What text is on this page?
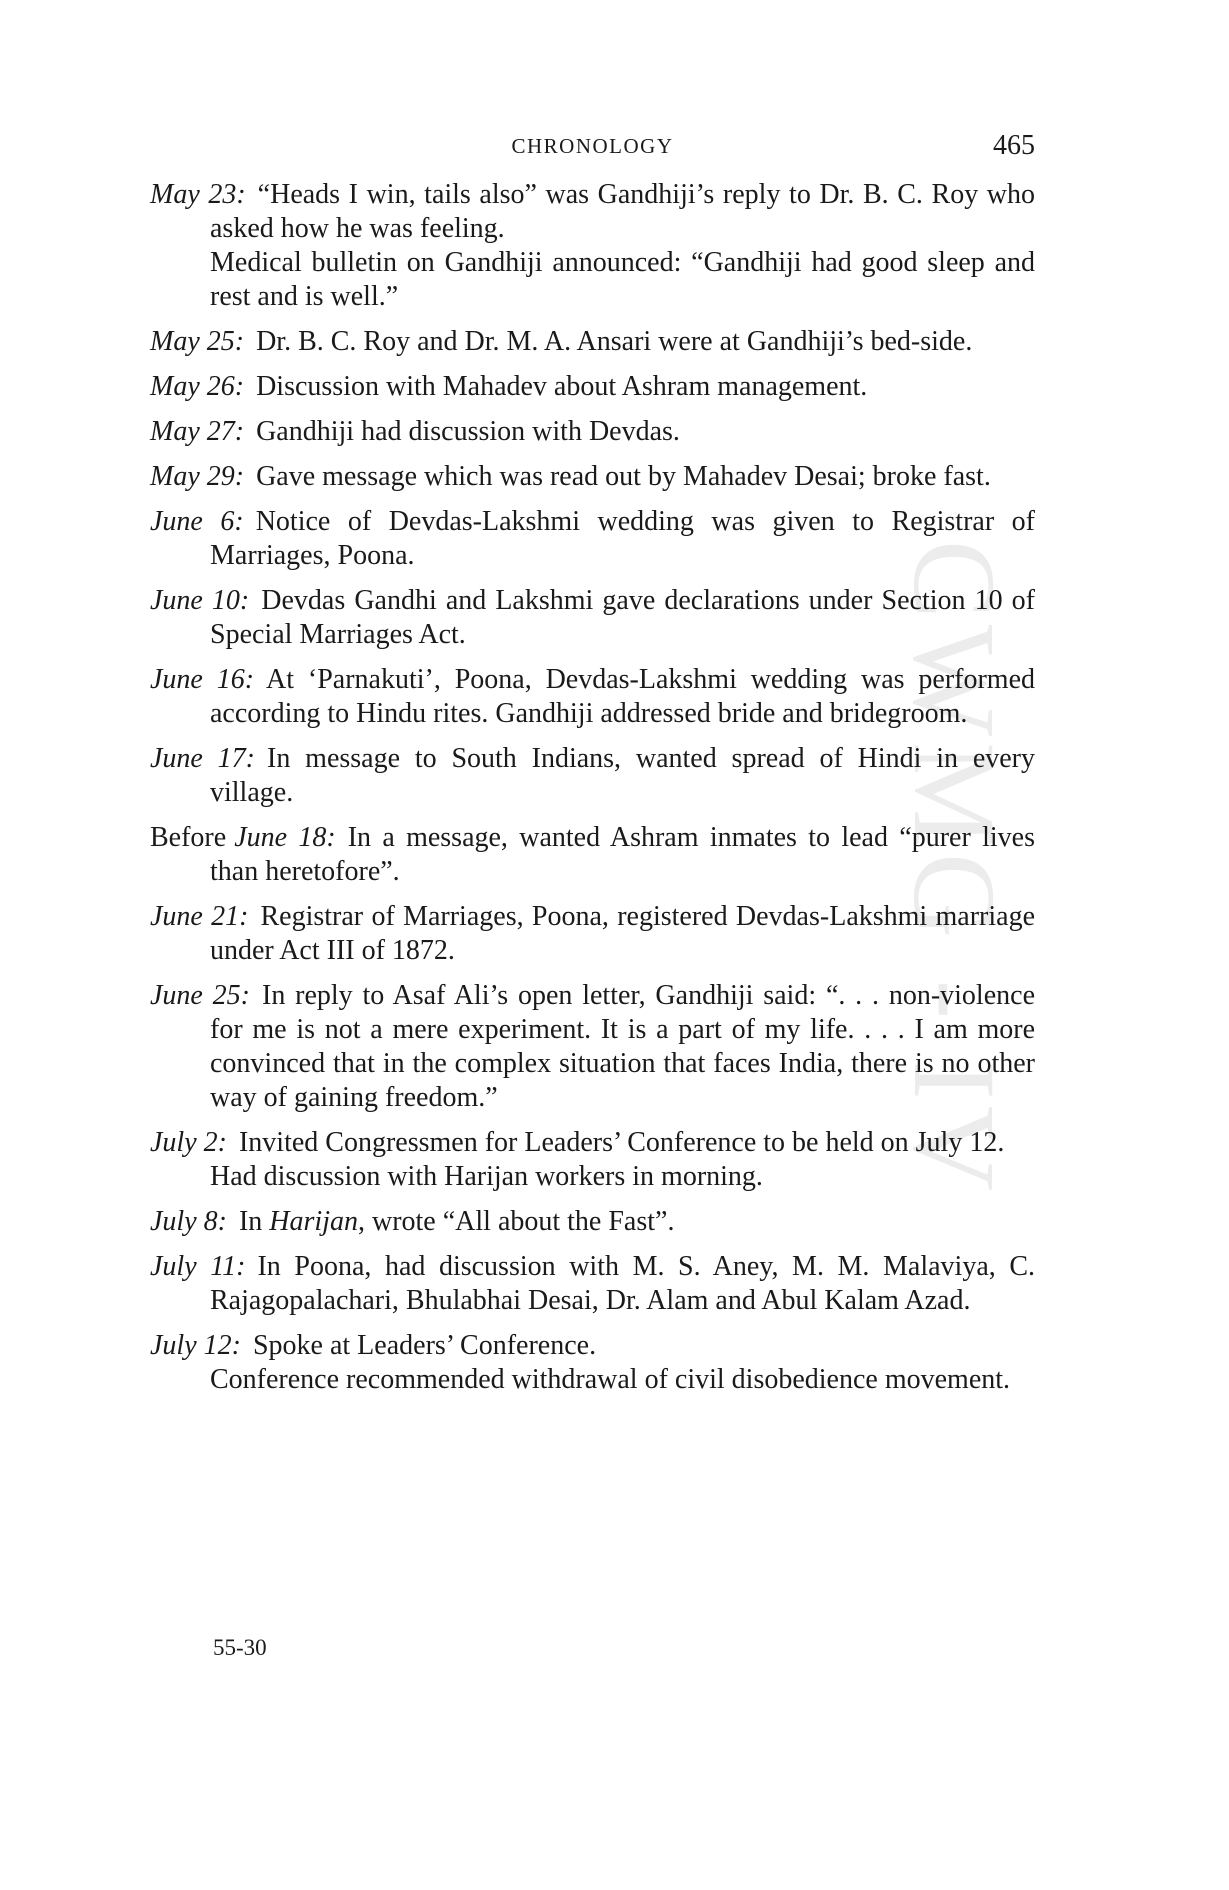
CWMG - IV
CHRONOLOGY	465

May 23: “Heads I win, tails also” was Gandhiji’s reply to Dr. B. C. Roy who asked how he was feeling.

Medical bulletin on Gandhiji announced: “Gandhiji had good sleep and rest and is well.”

May 25: Dr. B. C. Roy and Dr. M. A. Ansari were at Gandhiji’s bed-side.

May 26: Discussion with Mahadev about Ashram management.

May 27: Gandhiji had discussion with Devdas.

May 29: Gave message which was read out by Mahadev Desai; broke fast.

June 6: Notice of Devdas-Lakshmi wedding was given to Registrar of Marriages, Poona.

June 10: Devdas Gandhi and Lakshmi gave declarations under Section 10 of Special Marriages Act.

June 16: At ‘Parnakuti’, Poona, Devdas-Lakshmi wedding was performed according to Hindu rites. Gandhiji addressed bride and bridegroom.

June 17: In message to South Indians, wanted spread of Hindi in every village.

Before June 18: In a message, wanted Ashram inmates to lead “purer lives than heretofore”.

June 21: Registrar of Marriages, Poona, registered Devdas-Lakshmi marriage under Act III of 1872.

June 25: In reply to Asaf Ali’s open letter, Gandhiji said: “. . . non-violence for me is not a mere experiment. It is a part of my life. . . . I am more convinced that in the complex situation that faces India, there is no other way of gaining freedom.”

July 2: Invited Congressmen for Leaders’ Conference to be held on July 12.

Had discussion with Harijan workers in morning.

July 8: In Harijan, wrote “All about the Fast”.

July 11: In Poona, had discussion with M. S. Aney, M. M. Malaviya, C. Rajagopalachari, Bhulabhai Desai, Dr. Alam and Abul Kalam Azad.

July 12: Spoke at Leaders’ Conference.

Conference recommended withdrawal of civil disobedience movement.

55-30
